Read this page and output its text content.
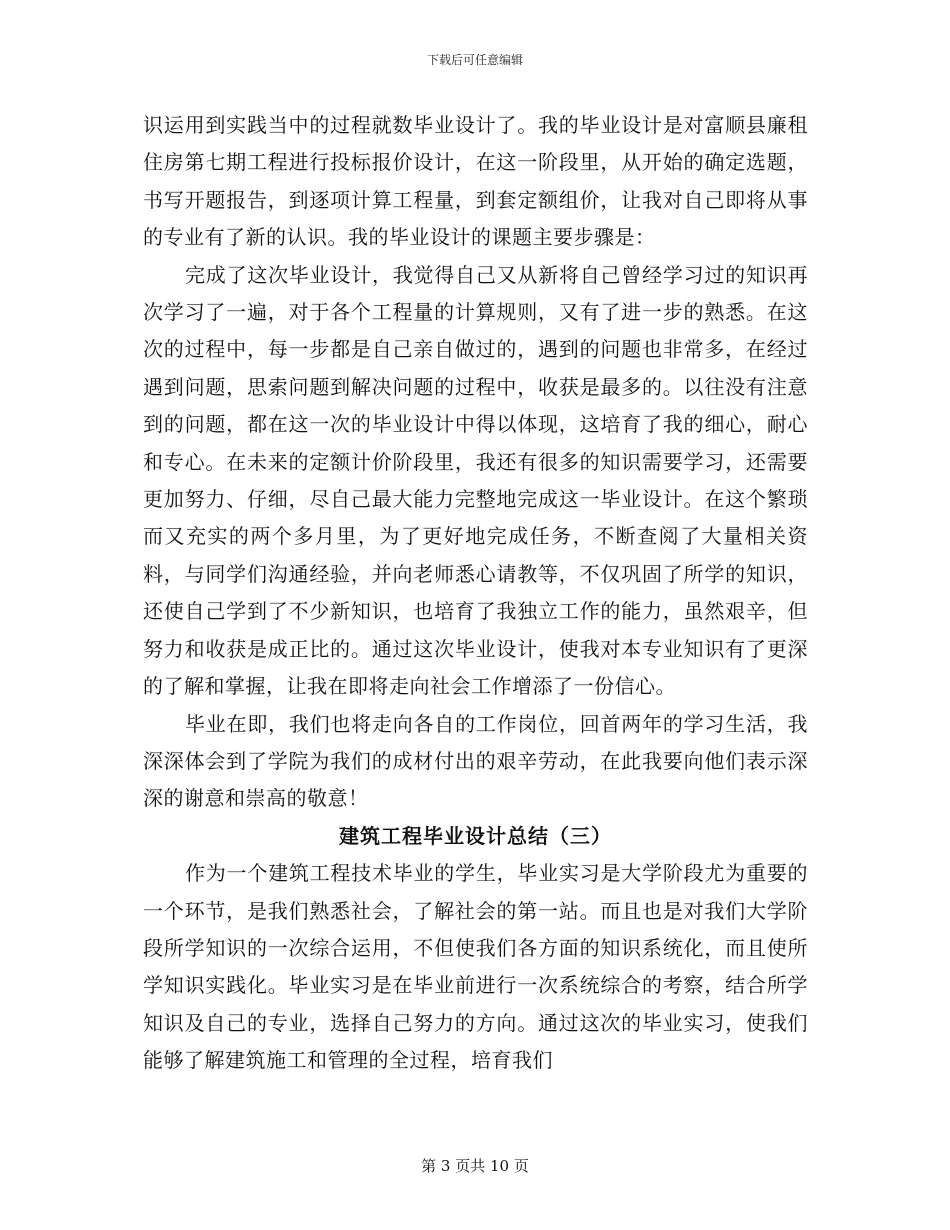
下载后可任意编辑

识运用到实践当中的过程就数毕业设计了。我的毕业设计是对富顺县廉租住房第七期工程进行投标报价设计，在这一阶段里，从开始的确定选题，书写开题报告，到逐项计算工程量，到套定额组价，让我对自己即将从事的专业有了新的认识。我的毕业设计的课题主要步骤是：

完成了这次毕业设计，我觉得自己又从新将自己曾经学习过的知识再次学习了一遍，对于各个工程量的计算规则，又有了进一步的熟悉。在这次的过程中，每一步都是自己亲自做过的，遇到的问题也非常多，在经过遇到问题，思索问题到解决问题的过程中，收获是最多的。以往没有注意到的问题，都在这一次的毕业设计中得以体现，这培育了我的细心，耐心和专心。在未来的定额计价阶段里，我还有很多的知识需要学习，还需要更加努力、仔细，尽自己最大能力完整地完成这一毕业设计。在这个繁琐而又充实的两个多月里，为了更好地完成任务，不断查阅了大量相关资料，与同学们沟通经验，并向老师悉心请教等，不仅巩固了所学的知识，还使自己学到了不少新知识，也培育了我独立工作的能力，虽然艰辛，但努力和收获是成正比的。通过这次毕业设计，使我对本专业知识有了更深的了解和掌握，让我在即将走向社会工作增添了一份信心。

毕业在即，我们也将走向各自的工作岗位，回首两年的学习生活，我深深体会到了学院为我们的成材付出的艰辛劳动，在此我要向他们表示深深的谢意和崇高的敬意！

建筑工程毕业设计总结（三）

作为一个建筑工程技术毕业的学生，毕业实习是大学阶段尤为重要的一个环节，是我们熟悉社会，了解社会的第一站。而且也是对我们大学阶段所学知识的一次综合运用，不但使我们各方面的知识系统化，而且使所学知识实践化。毕业实习是在毕业前进行一次系统综合的考察，结合所学知识及自己的专业，选择自己努力的方向。通过这次的毕业实习，使我们能够了解建筑施工和管理的全过程，培育我们

第 3 页共 10 页
